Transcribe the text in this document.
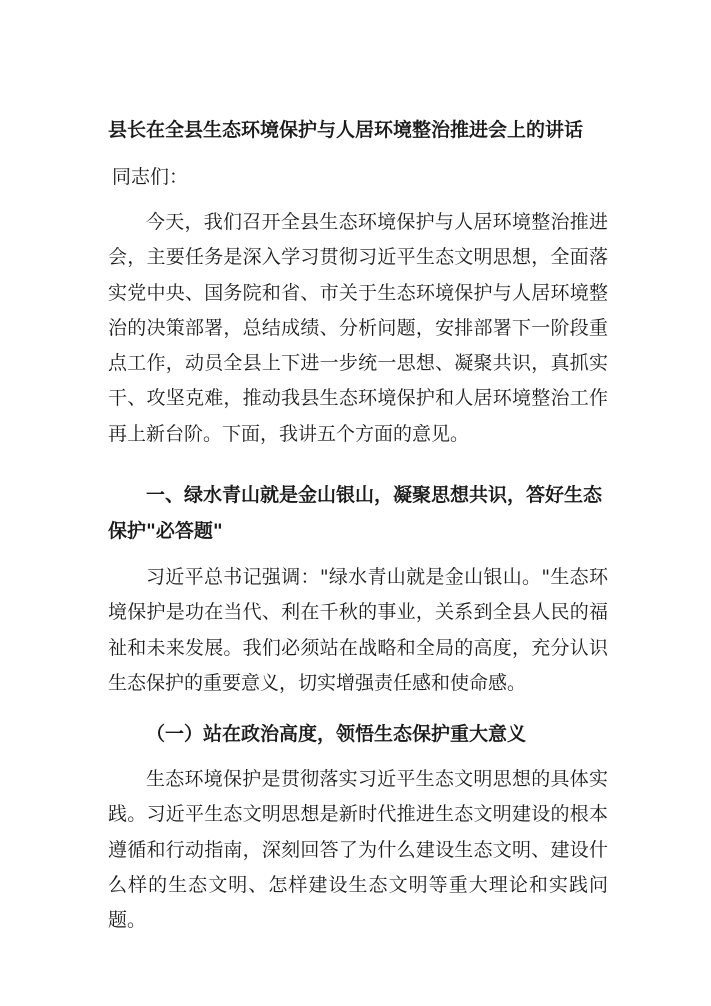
县长在全县生态环境保护与人居环境整治推进会上的讲话
同志们：

今天，我们召开全县生态环境保护与人居环境整治推进会，主要任务是深入学习贯彻习近平生态文明思想，全面落实党中央、国务院和省、市关于生态环境保护与人居环境整治的决策部署，总结成绩、分析问题，安排部署下一阶段重点工作，动员全县上下进一步统一思想、凝聚共识，真抓实干、攻坚克难，推动我县生态环境保护和人居环境整治工作再上新台阶。下面，我讲五个方面的意见。

一、绿水青山就是金山银山，凝聚思想共识，答好生态保护"必答题"

习近平总书记强调："绿水青山就是金山银山。"生态环境保护是功在当代、利在千秋的事业，关系到全县人民的福祉和未来发展。我们必须站在战略和全局的高度，充分认识生态保护的重要意义，切实增强责任感和使命感。

（一）站在政治高度，领悟生态保护重大意义

生态环境保护是贯彻落实习近平生态文明思想的具体实践。习近平生态文明思想是新时代推进生态文明建设的根本遵循和行动指南，深刻回答了为什么建设生态文明、建设什么样的生态文明、怎样建设生态文明等重大理论和实践问题。
